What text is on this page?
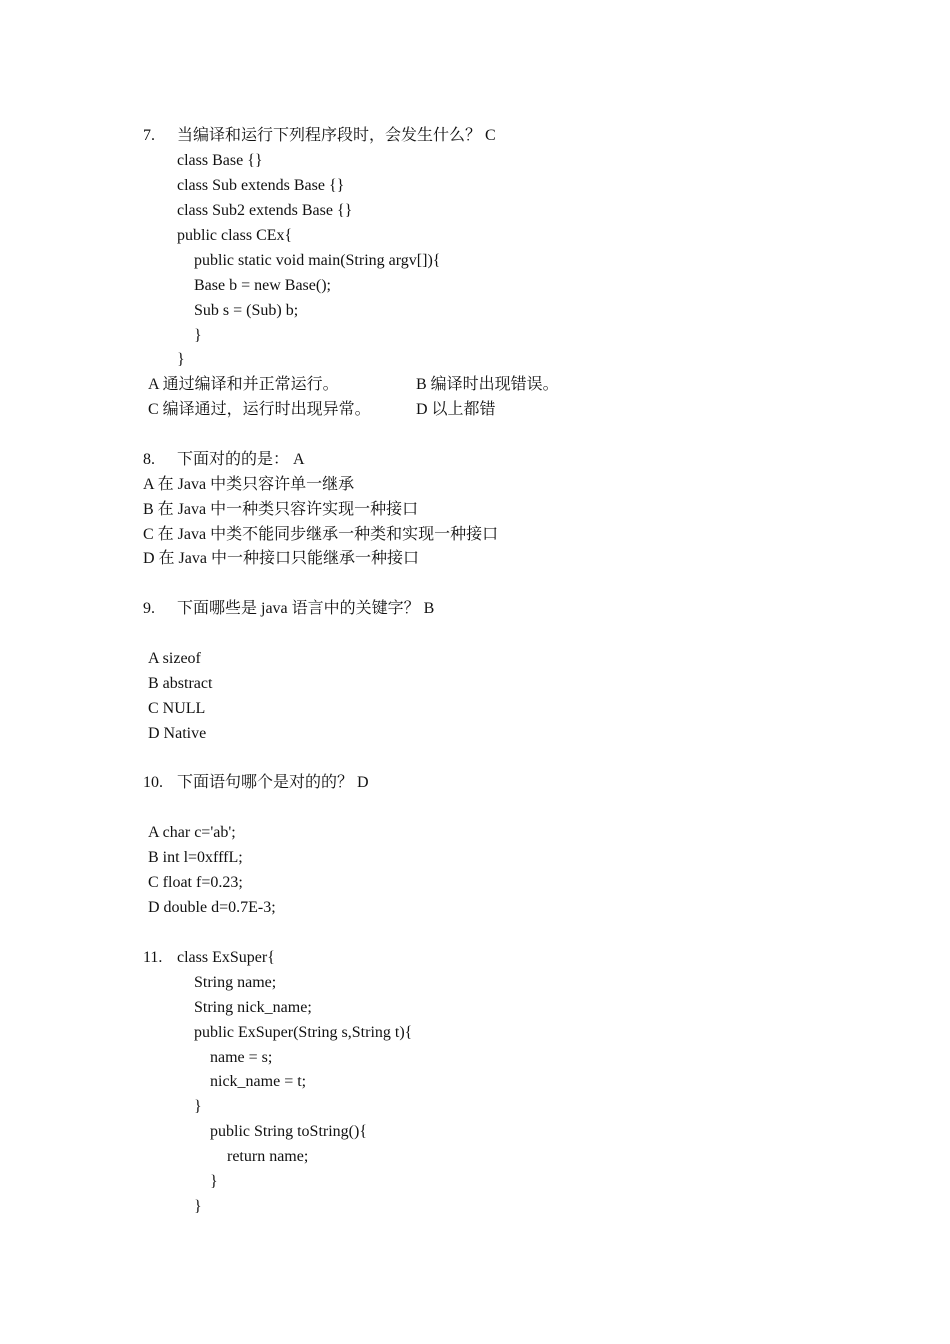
7. 当编译和运行下列程序段时，会发生什么？ C
class Base {}
class Sub extends Base {}
class Sub2 extends Base {}
public class CEx{
public static void main(String argv[]){
Base b = new Base();
Sub s = (Sub) b;
}
}
A 通过编译和并正常运行。	B 编译时出现错误。
C 编译通过，运行时出现异常。	D 以上都错
8. 下面对的的是： A
A 在 Java 中类只容许单一继承
B 在 Java 中一种类只容许实现一种接口
C 在 Java 中类不能同步继承一种类和实现一种接口
D 在 Java 中一种接口只能继承一种接口
9. 下面哪些是 java 语言中的关键字？ B
A sizeof
B abstract
C NULL
D Native
10. 下面语句哪个是对的的？ D
A char c='ab';
B int l=0xfffL;
C float f=0.23;
D double d=0.7E-3;
11. class ExSuper{
String name;
String nick_name;
public ExSuper(String s,String t){
name = s;
nick_name = t;
}
public String toString(){
return name;
}
}
